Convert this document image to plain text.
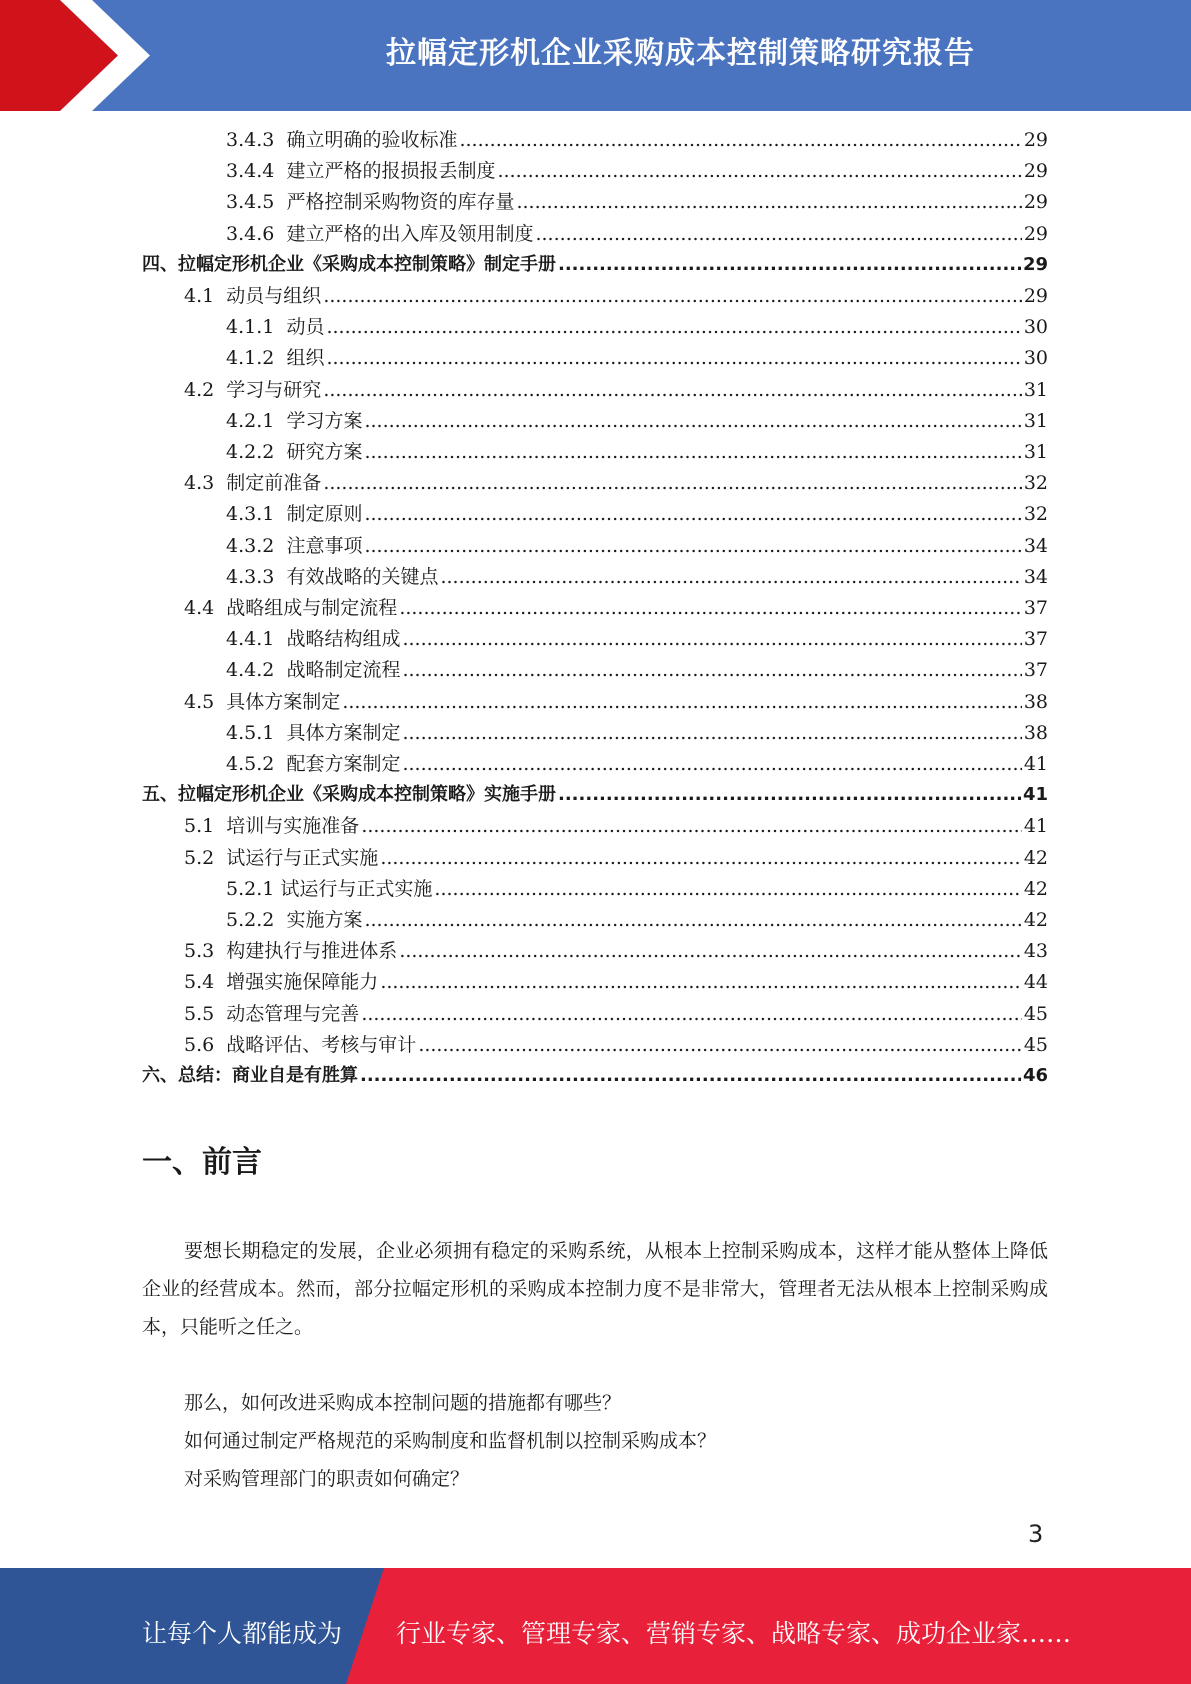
拉幅定形机企业采购成本控制策略研究报告
3.4.3 确立明确的验收标准 .....	29
3.4.4 建立严格的报损报丢制度 .....	29
3.4.5 严格控制采购物资的库存量 .....	29
3.4.6 建立严格的出入库及领用制度 .....	29
四、拉幅定形机企业《采购成本控制策略》制定手册 .....	29
4.1 动员与组织 .....	29
4.1.1 动员 .....	30
4.1.2 组织 .....	30
4.2 学习与研究 .....	31
4.2.1 学习方案 .....	31
4.2.2 研究方案 .....	31
4.3 制定前准备 .....	32
4.3.1 制定原则 .....	32
4.3.2 注意事项 .....	34
4.3.3 有效战略的关键点 .....	34
4.4 战略组成与制定流程 .....	37
4.4.1 战略结构组成 .....	37
4.4.2 战略制定流程 .....	37
4.5 具体方案制定 .....	38
4.5.1 具体方案制定 .....	38
4.5.2 配套方案制定 .....	41
五、拉幅定形机企业《采购成本控制策略》实施手册 .....	41
5.1 培训与实施准备 .....	41
5.2 试运行与正式实施 .....	42
5.2.1 试运行与正式实施 .....	42
5.2.2 实施方案 .....	42
5.3 构建执行与推进体系 .....	43
5.4 增强实施保障能力 .....	44
5.5 动态管理与完善 .....	45
5.6 战略评估、考核与审计 .....	45
六、总结：商业自是有胜算 .....	46
一、前言
要想长期稳定的发展，企业必须拥有稳定的采购系统，从根本上控制采购成本，这样才能从整体上降低企业的经营成本。然而，部分拉幅定形机的采购成本控制力度不是非常大，管理者无法从根本上控制采购成本，只能听之任之。
那么，如何改进采购成本控制问题的措施都有哪些？
如何通过制定严格规范的采购制度和监督机制以控制采购成本？
对采购管理部门的职责如何确定？
3
让每个人都能成为 行业专家、管理专家、营销专家、战略专家、成功企业家……
